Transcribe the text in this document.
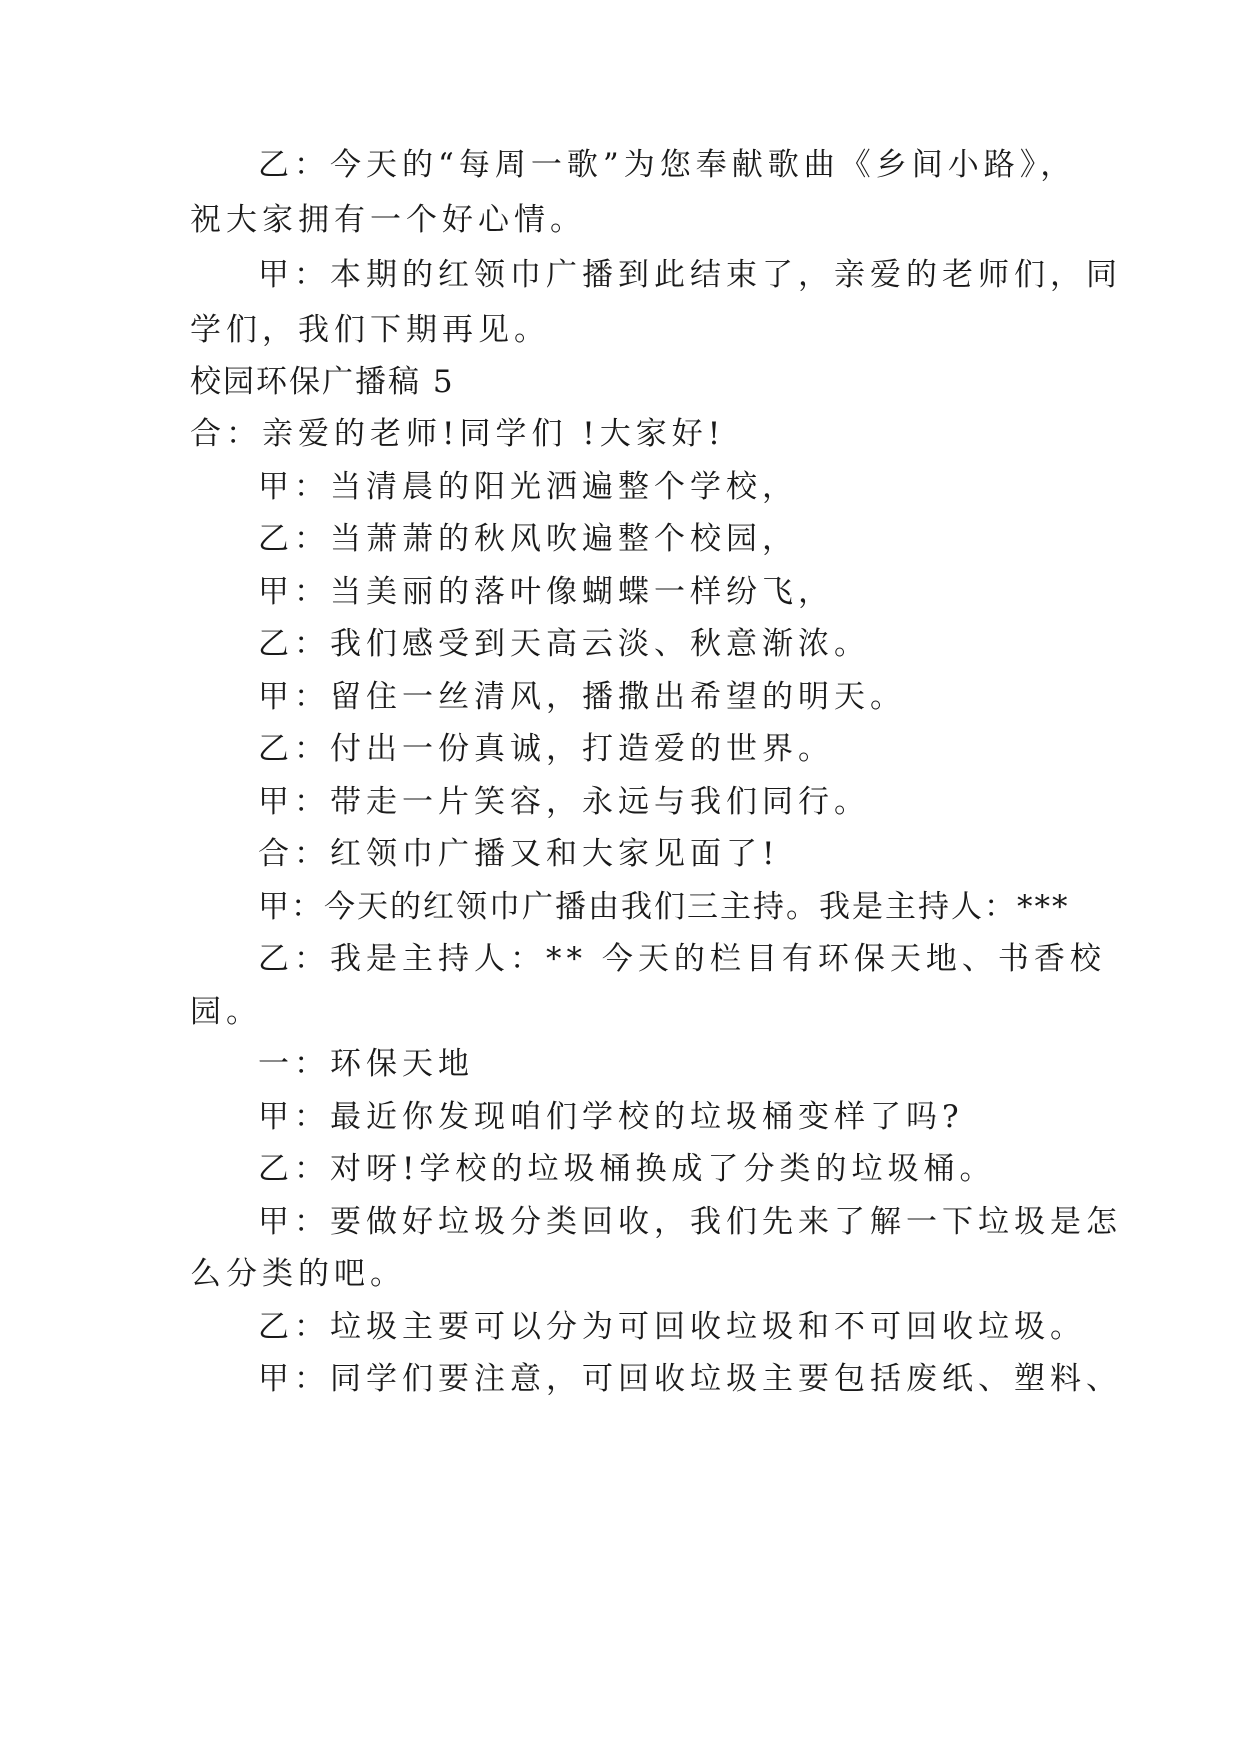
乙：今天的“每周一歌”为您奉献歌曲《乡间小路》，
祝大家拥有一个好心情。
甲：本期的红领巾广播到此结束了，亲爱的老师们，同
学们，我们下期再见。
校园环保广播稿 5
合：亲爱的老师!同学们 !大家好!
甲：当清晨的阳光洒遍整个学校，
乙：当萧萧的秋风吹遍整个校园，
甲：当美丽的落叶像蝴蝶一样纷飞，
乙：我们感受到天高云淡、秋意渐浓。
甲：留住一丝清风，播撒出希望的明天。
乙：付出一份真诚，打造爱的世界。
甲：带走一片笑容，永远与我们同行。
合：红领巾广播又和大家见面了!
甲：今天的红领巾广播由我们三主持。我是主持人：***
乙：我是主持人：** 今天的栏目有环保天地、书香校
园。
一：环保天地
甲：最近你发现咱们学校的垃圾桶变样了吗?
乙：对呀!学校的垃圾桶换成了分类的垃圾桶。
甲：要做好垃圾分类回收，我们先来了解一下垃圾是怎
么分类的吧。
乙：垃圾主要可以分为可回收垃圾和不可回收垃圾。
甲：同学们要注意，可回收垃圾主要包括废纸、塑料、
